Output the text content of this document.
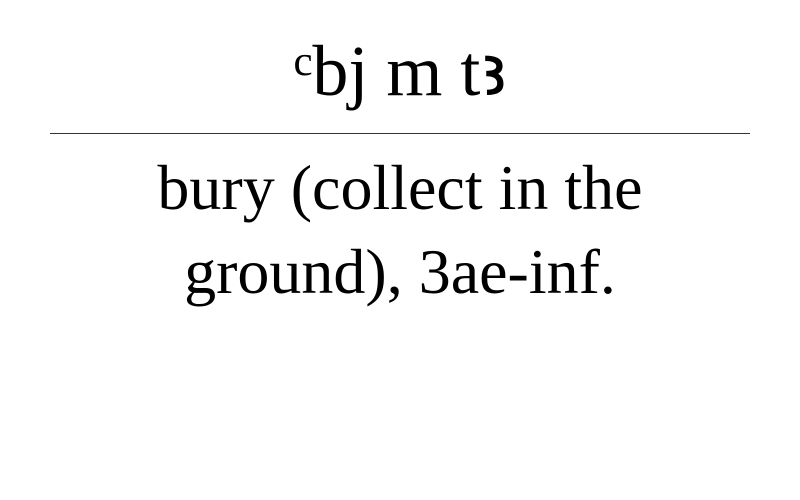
ᶜbj m tꜣ
bury (collect in the ground), 3ae-inf.
